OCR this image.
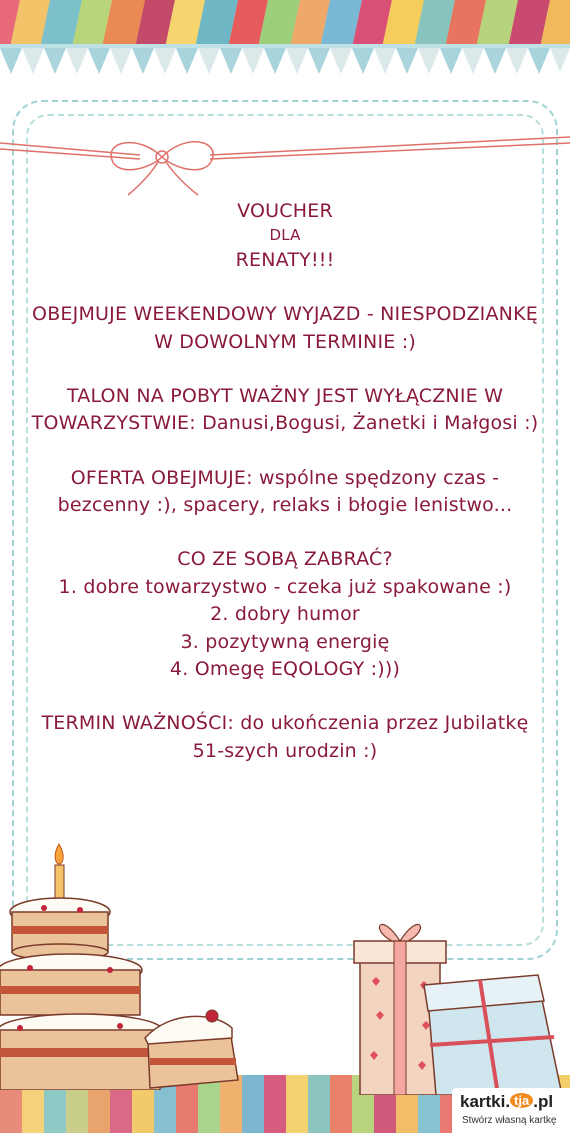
VOUCHER

DLA

RENATY!!!

OBEJMUJE WEEKENDOWY WYJAZD - NIESPODZIANKĘ

W DOWOLNYM TERMINIE :)

TALON NA POBYT WAŻNY JEST WYŁĄCZNIE W

TOWARZYSTWIE: Danusi,Bogusi, Żanetki i Małgosi :)

OFERTA OBEJMUJE: wspólne spędzony czas -

bezcenny :), spacery, relaks i błogie lenistwo...

CO ZE SOBĄ ZABRAĆ?

1. dobre towarzystwo - czeka już spakowane :)

2. dobry humor

3. pozytywną energię

4. Omegę EQOLOGY :)))

TERMIN WAŻNOŚCI: do ukończenia przez Jubilatkę

51-szych urodzin :)

kartki. tja .pl
Stwórz własną kartkę
